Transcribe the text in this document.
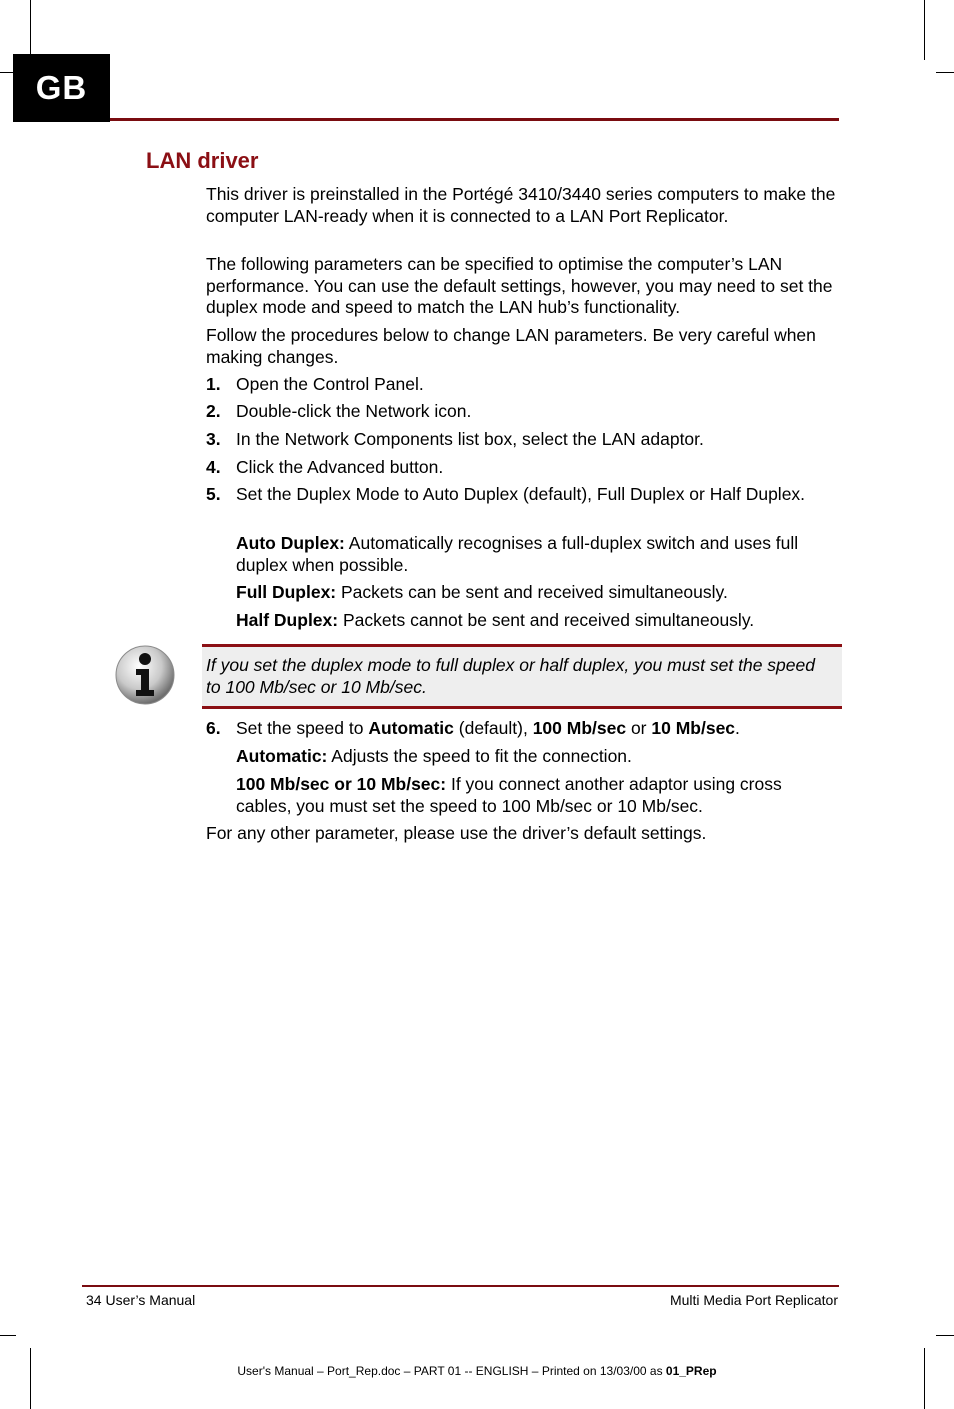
GB
LAN driver

This driver is preinstalled in the Portégé 3410/3440 series computers to make the computer LAN-ready when it is connected to a LAN Port Replicator.

The following parameters can be specified to optimise the computer’s LAN performance. You can use the default settings, however, you may need to set the duplex mode and speed to match the LAN hub’s functionality.

Follow the procedures below to change LAN parameters. Be very careful when making changes.

1. Open the Control Panel.
2. Double-click the Network icon.
3. In the Network Components list box, select the LAN adaptor.
4. Click the Advanced button.
5. Set the Duplex Mode to Auto Duplex (default), Full Duplex or Half Duplex.

Auto Duplex: Automatically recognises a full-duplex switch and uses full duplex when possible.

Full Duplex: Packets can be sent and received simultaneously.

Half Duplex: Packets cannot be sent and received simultaneously.

If you set the duplex mode to full duplex or half duplex, you must set the speed to 100 Mb/sec or 10 Mb/sec.

6. Set the speed to Automatic (default), 100 Mb/sec or 10 Mb/sec.

Automatic: Adjusts the speed to fit the connection.

100 Mb/sec or 10 Mb/sec: If you connect another adaptor using cross cables, you must set the speed to 100 Mb/sec or 10 Mb/sec.

For any other parameter, please use the driver’s default settings.

34 User’s Manual	Multi Media Port Replicator
User's Manual – Port_Rep.doc – PART 01 -- ENGLISH – Printed on 13/03/00 as 01_PRep
